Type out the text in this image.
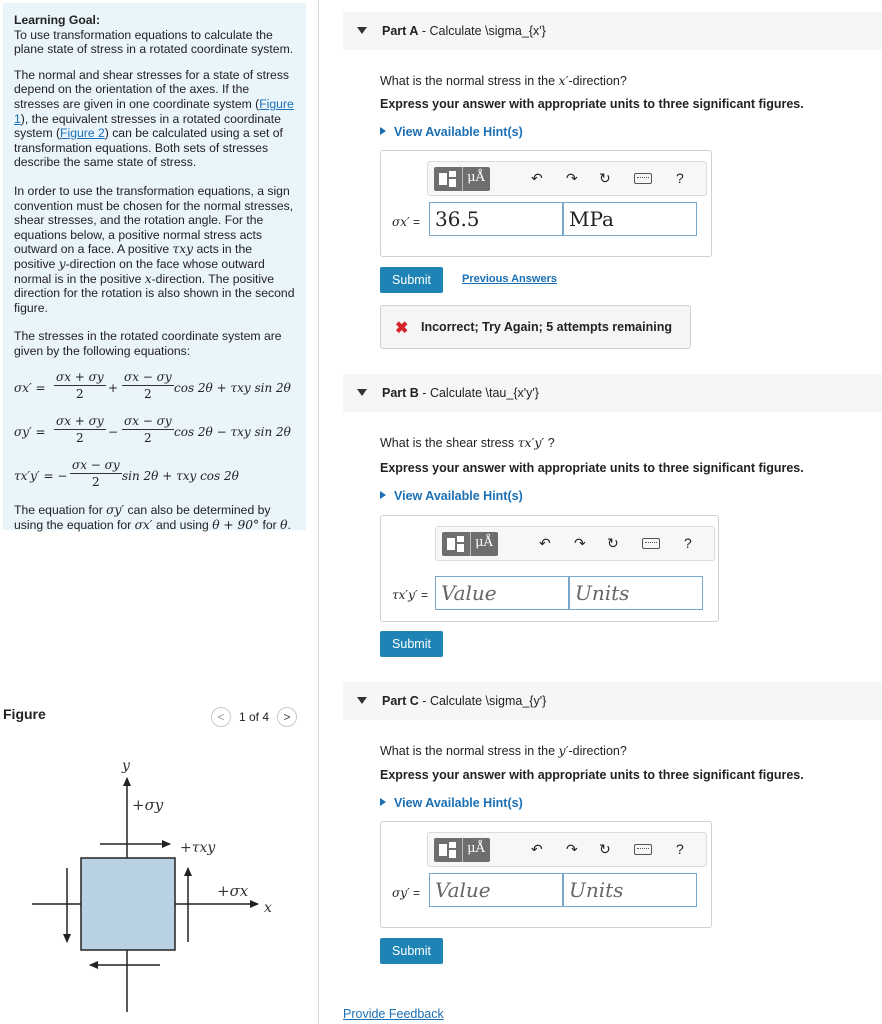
Learning Goal:
To use transformation equations to calculate the plane state of stress in a rotated coordinate system.

The normal and shear stresses for a state of stress depend on the orientation of the axes. If the stresses are given in one coordinate system (Figure 1), the equivalent stresses in a rotated coordinate system (Figure 2) can be calculated using a set of transformation equations. Both sets of stresses describe the same state of stress.

In order to use the transformation equations, a sign convention must be chosen for the normal stresses, shear stresses, and the rotation angle. For the equations below, a positive normal stress acts outward on a face. A positive τxy acts in the positive y-direction on the face whose outward normal is in the positive x-direction. The positive direction for the rotation is also shown in the second figure.

The stresses in the rotated coordinate system are given by the following equations:

$\sigma x' = \frac{\sigma x + \sigma y}{2} + \frac{\sigma x - \sigma y}{2}$ cos 2θ + τxy sin 2θ
$\sigma y' = \frac{\sigma x + \sigma y}{2} - \frac{\sigma x - \sigma y}{2}$ cos 2θ − τxy sin 2θ
τx′y′ = − $\frac{\sigma x - \sigma y}{2}$ sin 2θ + τxy cos 2θ

The equation for σy′ can also be determined by using the equation for σx′ and using θ + 90° for θ.

Figure	<	1 of 4	>
y
x
+σy
+τxy
+σx
Part A - Calculate \sigma_{x'}
What is the normal stress in the x′-direction?
Express your answer with appropriate units to three significant figures.
View Available Hint(s)
μÅ	↶ ↷ ↻	?
σx′ = 36.5	MPa
Submit	Previous Answers
✖ Incorrect; Try Again; 5 attempts remaining
Part B - Calculate \tau_{x'y'}
What is the shear stress τx′y′ ?
Express your answer with appropriate units to three significant figures.
View Available Hint(s)
μÅ	↶ ↷ ↻	?
τx′y′ = Value	Units
Submit
Part C - Calculate \sigma_{y'}
What is the normal stress in the y′-direction?
Express your answer with appropriate units to three significant figures.
View Available Hint(s)
μÅ	↶ ↷ ↻	?
σy′ = Value	Units
Submit
Provide Feedback
